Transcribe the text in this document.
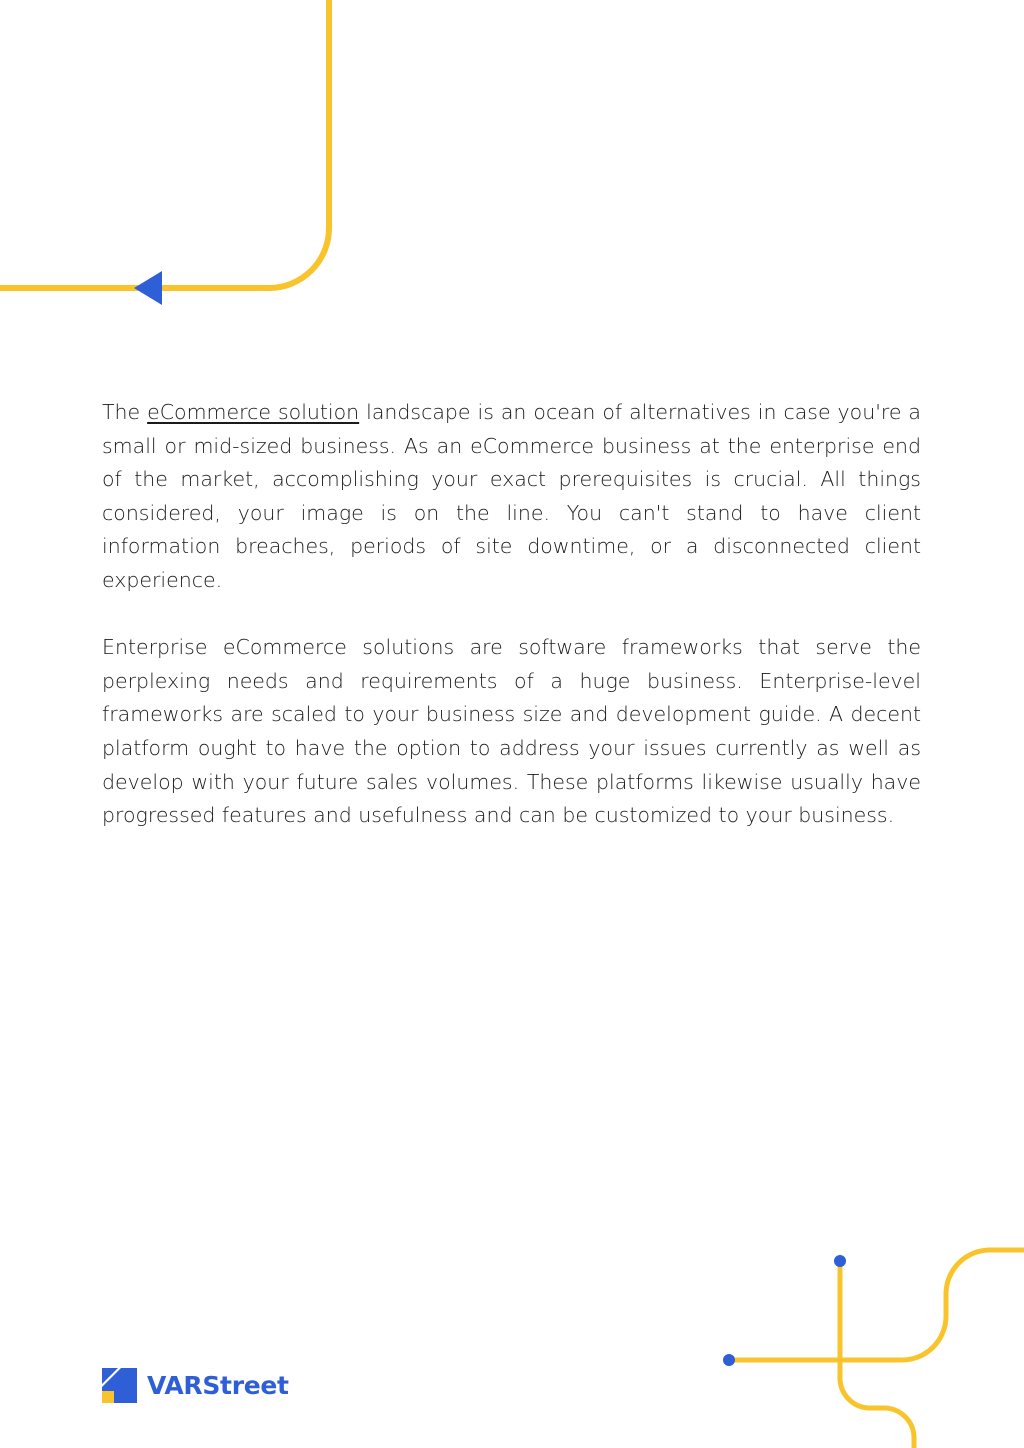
The eCommerce solution landscape is an ocean of alternatives in case you're a small or mid-sized business. As an eCommerce business at the enterprise end of the market, accomplishing your exact prerequisites is crucial. All things considered, your image is on the line. You can't stand to have client information breaches, periods of site downtime, or a disconnected client experience.

Enterprise eCommerce solutions are software frameworks that serve the perplexing needs and requirements of a huge business. Enterprise-level frameworks are scaled to your business size and development guide. A decent platform ought to have the option to address your issues currently as well as develop with your future sales volumes. These platforms likewise usually have progressed features and usefulness and can be customized to your business.

VARStreet
